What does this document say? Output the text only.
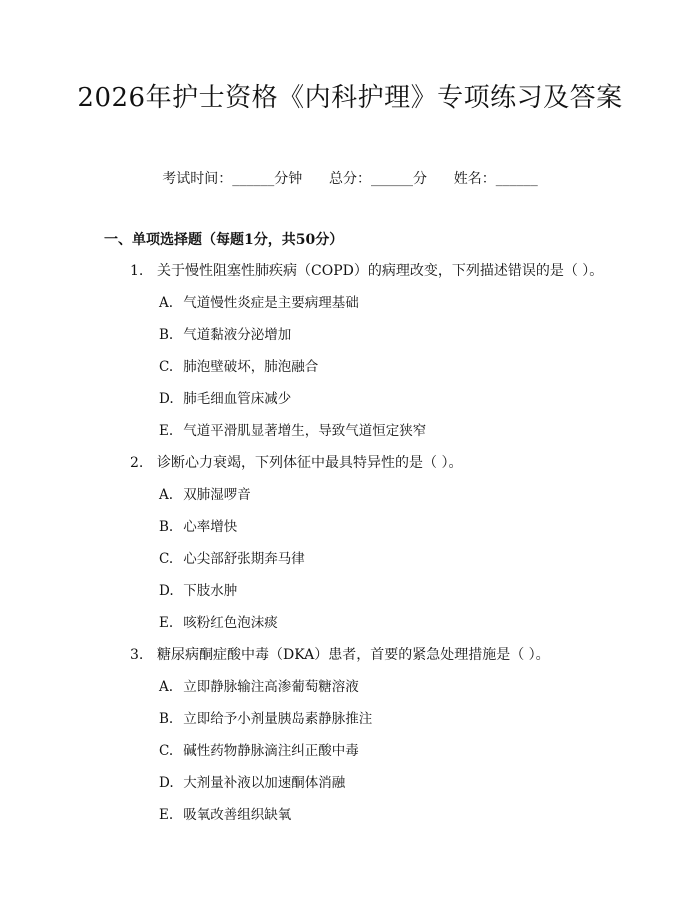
2026年护士资格《内科护理》专项练习及答案
考试时间：______分钟 总分：______分 姓名：______
一、单项选择题（每题1分，共50分）
1. 关于慢性阻塞性肺疾病（COPD）的病理改变，下列描述错误的是（ ）。
A. 气道慢性炎症是主要病理基础
B. 气道黏液分泌增加
C. 肺泡壁破坏，肺泡融合
D. 肺毛细血管床减少
E. 气道平滑肌显著增生，导致气道恒定狭窄
2. 诊断心力衰竭，下列体征中最具特异性的是（ ）。
A. 双肺湿啰音
B. 心率增快
C. 心尖部舒张期奔马律
D. 下肢水肿
E. 咳粉红色泡沫痰
3. 糖尿病酮症酸中毒（DKA）患者，首要的紧急处理措施是（ ）。
A. 立即静脉输注高渗葡萄糖溶液
B. 立即给予小剂量胰岛素静脉推注
C. 碱性药物静脉滴注纠正酸中毒
D. 大剂量补液以加速酮体消融
E. 吸氧改善组织缺氧
